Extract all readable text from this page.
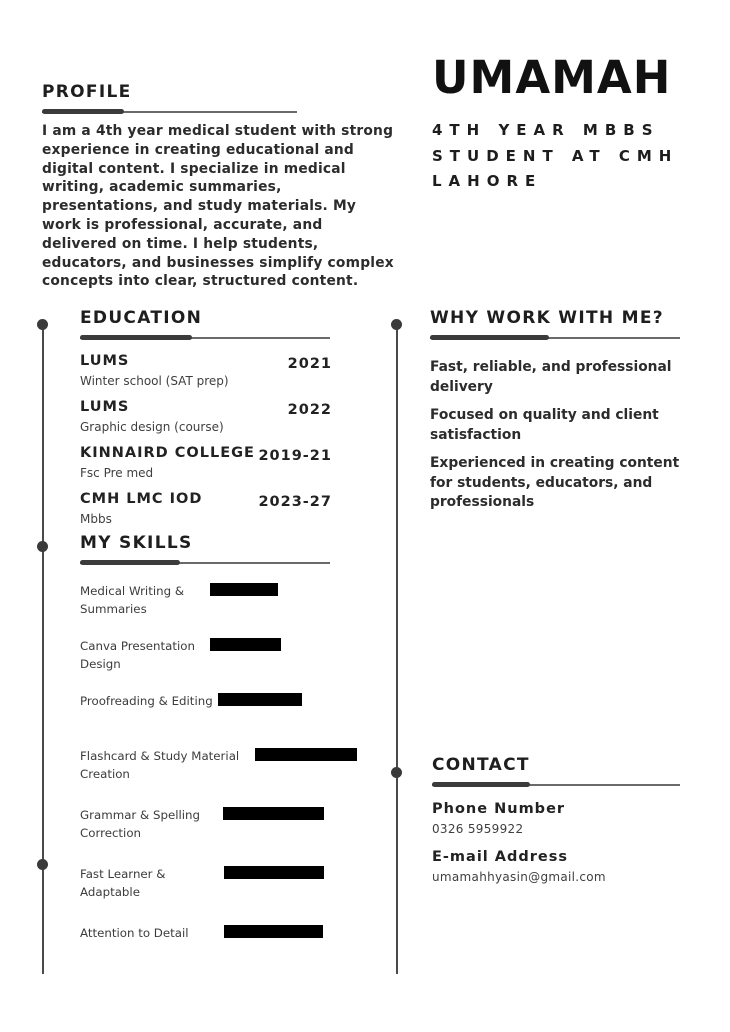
PROFILE

I am a 4th year medical student with strong experience in creating educational and digital content. I specialize in medical writing, academic summaries, presentations, and study materials. My work is professional, accurate, and delivered on time. I help students, educators, and businesses simplify complex concepts into clear, structured content.

UMAMAH
4TH YEAR MBBS
STUDENT AT CMH
LAHORE
EDUCATION
LUMS
Winter school (SAT prep)
2021
LUMS
Graphic design (course)
2022
KINNAIRD COLLEGE
Fsc Pre med
2019-21
CMH LMC IOD
Mbbs
2023-27
MY SKILLS
Medical Writing &
Summaries
Canva Presentation
Design
Proofreading & Editing
Flashcard & Study Material
Creation
Grammar & Spelling
Correction
Fast Learner &
Adaptable
Attention to Detail
WHY WORK WITH ME?

Fast, reliable, and professional delivery

Focused on quality and client satisfaction

Experienced in creating content for students, educators, and professionals

CONTACT
Phone Number
0326 5959922
E-mail Address
umamahhyasin@gmail.com
